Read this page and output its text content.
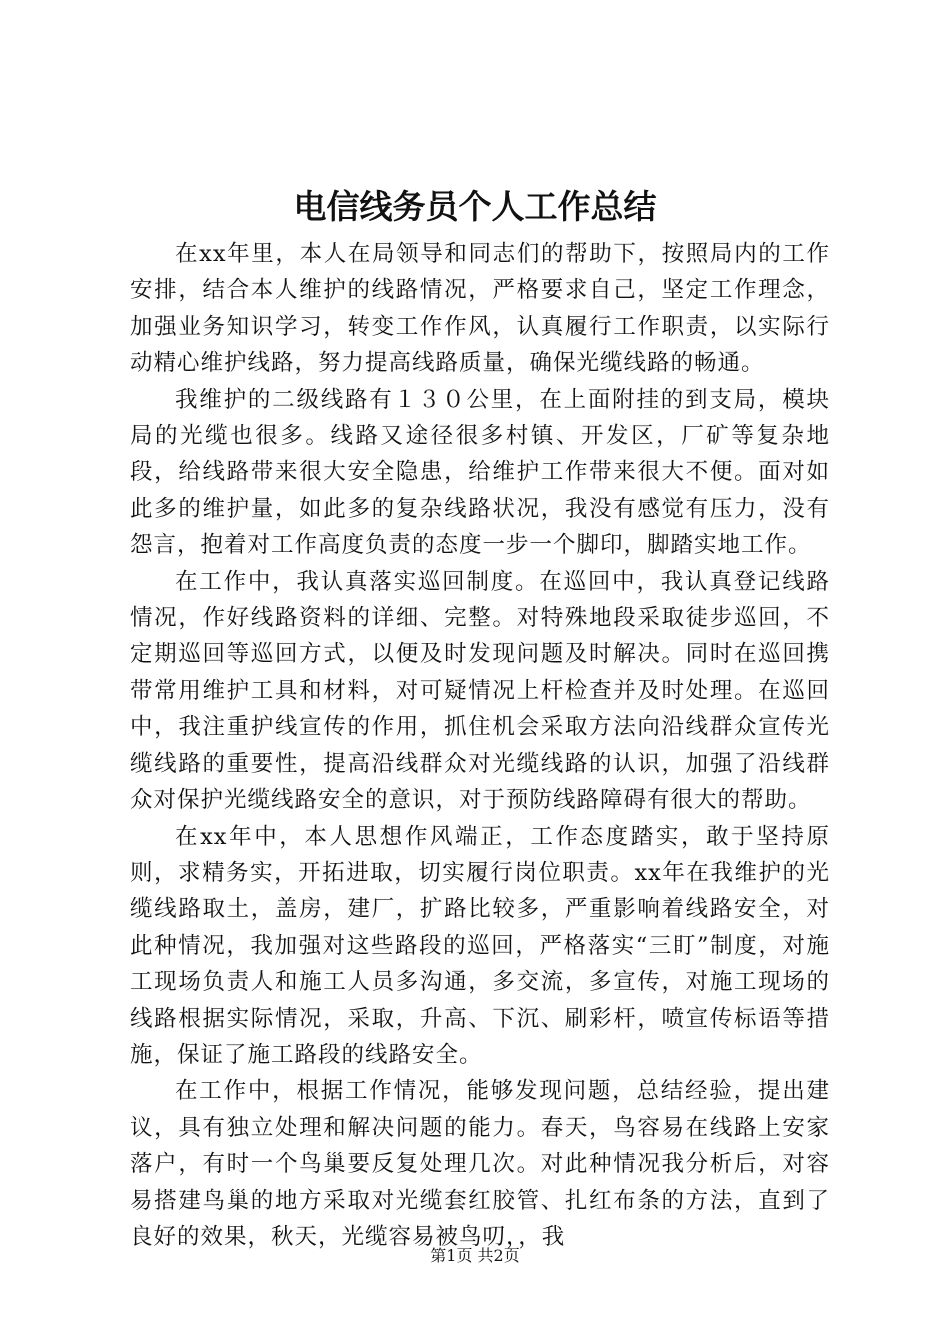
电信线务员个人工作总结

在xx年里，本人在局领导和同志们的帮助下，按照局内的工作安排，结合本人维护的线路情况，严格要求自己，坚定工作理念，加强业务知识学习，转变工作作风，认真履行工作职责，以实际行动精心维护线路，努力提高线路质量，确保光缆线路的畅通。

我维护的二级线路有１３０公里，在上面附挂的到支局，模块局的光缆也很多。线路又途径很多村镇、开发区，厂矿等复杂地段，给线路带来很大安全隐患，给维护工作带来很大不便。面对如此多的维护量，如此多的复杂线路状况，我没有感觉有压力，没有怨言，抱着对工作高度负责的态度一步一个脚印，脚踏实地工作。

在工作中，我认真落实巡回制度。在巡回中，我认真登记线路情况，作好线路资料的详细、完整。对特殊地段采取徒步巡回，不定期巡回等巡回方式，以便及时发现问题及时解决。同时在巡回携带常用维护工具和材料，对可疑情况上杆检查并及时处理。在巡回中，我注重护线宣传的作用，抓住机会采取方法向沿线群众宣传光缆线路的重要性，提高沿线群众对光缆线路的认识，加强了沿线群众对保护光缆线路安全的意识，对于预防线路障碍有很大的帮助。

在xx年中，本人思想作风端正，工作态度踏实，敢于坚持原则，求精务实，开拓进取，切实履行岗位职责。xx年在我维护的光缆线路取土，盖房，建厂，扩路比较多，严重影响着线路安全，对此种情况，我加强对这些路段的巡回，严格落实“三盯”制度，对施工现场负责人和施工人员多沟通，多交流，多宣传，对施工现场的线路根据实际情况，采取，升高、下沉、刷彩杆，喷宣传标语等措施，保证了施工路段的线路安全。

在工作中，根据工作情况，能够发现问题，总结经验，提出建议，具有独立处理和解决问题的能力。春天，鸟容易在线路上安家落户，有时一个鸟巢要反复处理几次。对此种情况我分析后，对容易搭建鸟巢的地方采取对光缆套红胶管、扎红布条的方法，直到了良好的效果，秋天，光缆容易被鸟叨，，我

第1页 共2页
